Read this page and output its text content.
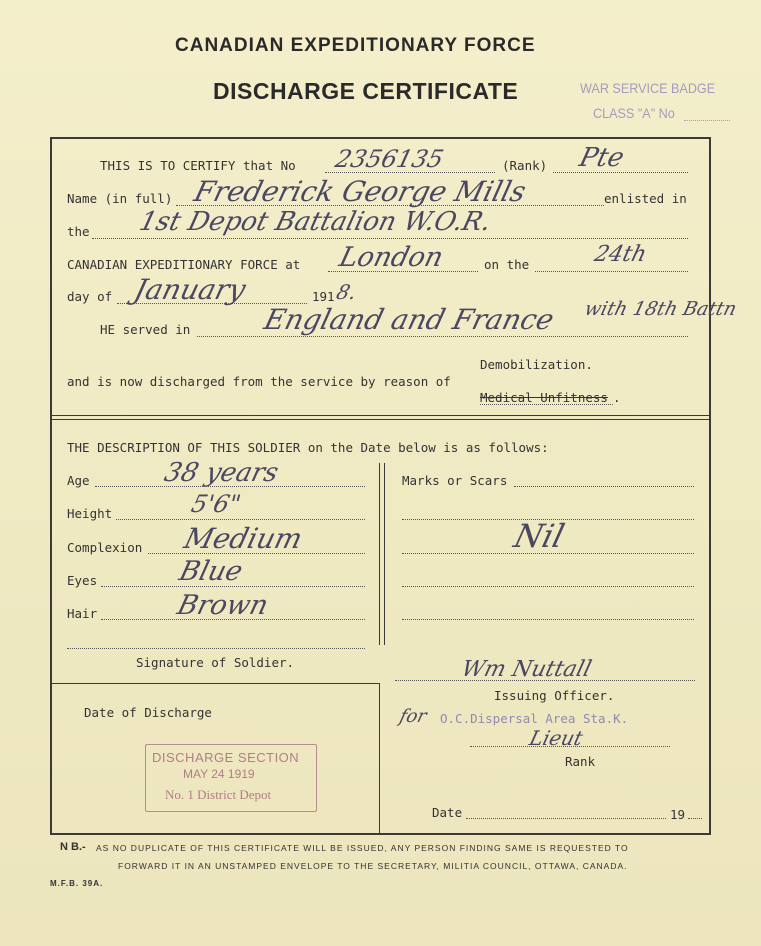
CANADIAN EXPEDITIONARY FORCE
DISCHARGE CERTIFICATE	WAR SERVICE BADGE
CLASS "A" No
THIS IS TO CERTIFY that No 2356135	(Rank) Pte
Name (in full) Frederick George Mills	enlisted in
the 1st Depot Battalion W.O.R.
CANADIAN EXPEDITIONARY FORCE at London	on the	24th
day of January	191 8.
HE served in	England and France with 18th Battn
Demobilization.
and is now discharged from the service by reason of
Medical Unfitness .
THE DESCRIPTION OF THIS SOLDIER on the Date below is as follows:
Age	38 years
Height	5'6"
Complexion Medium
Eyes	Blue
Hair	Brown
Marks or Scars
Nil
Signature of Soldier.
Date of Discharge
DISCHARGE SECTION
MAY 24 1919
No. 1 District Depot
Wm Nuttall
Issuing Officer.
for O.C.Dispersal Area Sta.K.
Lieut
Rank
Date	19
N B.- AS NO DUPLICATE OF THIS CERTIFICATE WILL BE ISSUED, ANY PERSON FINDING SAME IS REQUESTED TO
FORWARD IT IN AN UNSTAMPED ENVELOPE TO THE SECRETARY, MILITIA COUNCIL, OTTAWA, CANADA.
M.F.B. 39A.
